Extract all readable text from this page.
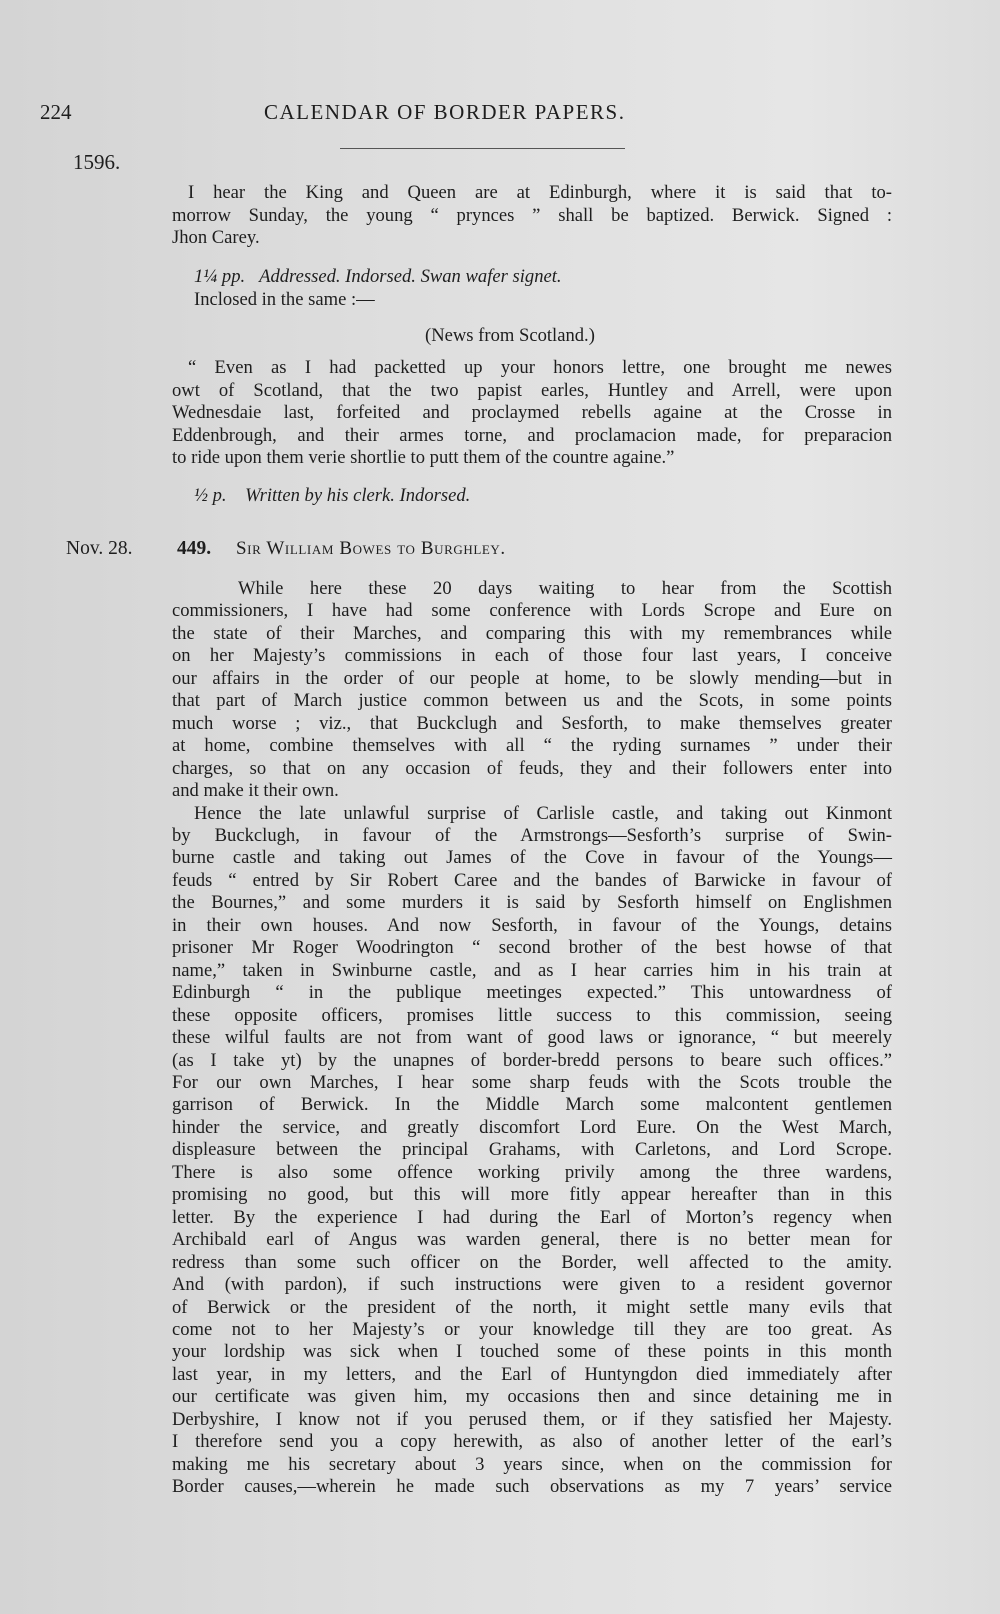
224	CALENDAR OF BORDER PAPERS.
1596.
I hear the King and Queen are at Edinburgh, where it is said that to-
morrow Sunday, the young “ prynces ” shall be baptized. Berwick. Signed :
Jhon Carey.
1¼ pp. Addressed. Indorsed. Swan wafer signet.
Inclosed in the same :—
(News from Scotland.)
“ Even as I had packetted up your honors lettre, one brought me newes
owt of Scotland, that the two papist earles, Huntley and Arrell, were upon
Wednesdaie last, forfeited and proclaymed rebells againe at the Crosse in
Eddenbrough, and their armes torne, and proclamacion made, for preparacion
to ride upon them verie shortlie to putt them of the countre againe.”
½ p. Written by his clerk. Indorsed.
Nov. 28. 449. Sir William Bowes to Burghley.
While here these 20 days waiting to hear from the Scottish
commissioners, I have had some conference with Lords Scrope and Eure on
the state of their Marches, and comparing this with my remembrances while
on her Majesty’s commissions in each of those four last years, I conceive
our affairs in the order of our people at home, to be slowly mending—but in
that part of March justice common between us and the Scots, in some points
much worse ; viz., that Buckclugh and Sesforth, to make themselves greater
at home, combine themselves with all “ the ryding surnames ” under their
charges, so that on any occasion of feuds, they and their followers enter into
and make it their own.
Hence the late unlawful surprise of Carlisle castle, and taking out Kinmont
by Buckclugh, in favour of the Armstrongs—Sesforth’s surprise of Swin-
burne castle and taking out James of the Cove in favour of the Youngs—
feuds “ entred by Sir Robert Caree and the bandes of Barwicke in favour of
the Bournes,” and some murders it is said by Sesforth himself on Englishmen
in their own houses. And now Sesforth, in favour of the Youngs, detains
prisoner Mr Roger Woodrington “ second brother of the best howse of that
name,” taken in Swinburne castle, and as I hear carries him in his train at
Edinburgh “ in the publique meetinges expected.” This untowardness of
these opposite officers, promises little success to this commission, seeing
these wilful faults are not from want of good laws or ignorance, “ but meerely
(as I take yt) by the unapnes of border-bredd persons to beare such offices.”
For our own Marches, I hear some sharp feuds with the Scots trouble the
garrison of Berwick. In the Middle March some malcontent gentlemen
hinder the service, and greatly discomfort Lord Eure. On the West March,
displeasure between the principal Grahams, with Carletons, and Lord Scrope.
There is also some offence working privily among the three wardens,
promising no good, but this will more fitly appear hereafter than in this
letter. By the experience I had during the Earl of Morton’s regency when
Archibald earl of Angus was warden general, there is no better mean for
redress than some such officer on the Border, well affected to the amity.
And (with pardon), if such instructions were given to a resident governor
of Berwick or the president of the north, it might settle many evils that
come not to her Majesty’s or your knowledge till they are too great. As
your lordship was sick when I touched some of these points in this month
last year, in my letters, and the Earl of Huntyngdon died immediately after
our certificate was given him, my occasions then and since detaining me in
Derbyshire, I know not if you perused them, or if they satisfied her Majesty.
I therefore send you a copy herewith, as also of another letter of the earl’s
making me his secretary about 3 years since, when on the commission for
Border causes,—wherein he made such observations as my 7 years’ service
